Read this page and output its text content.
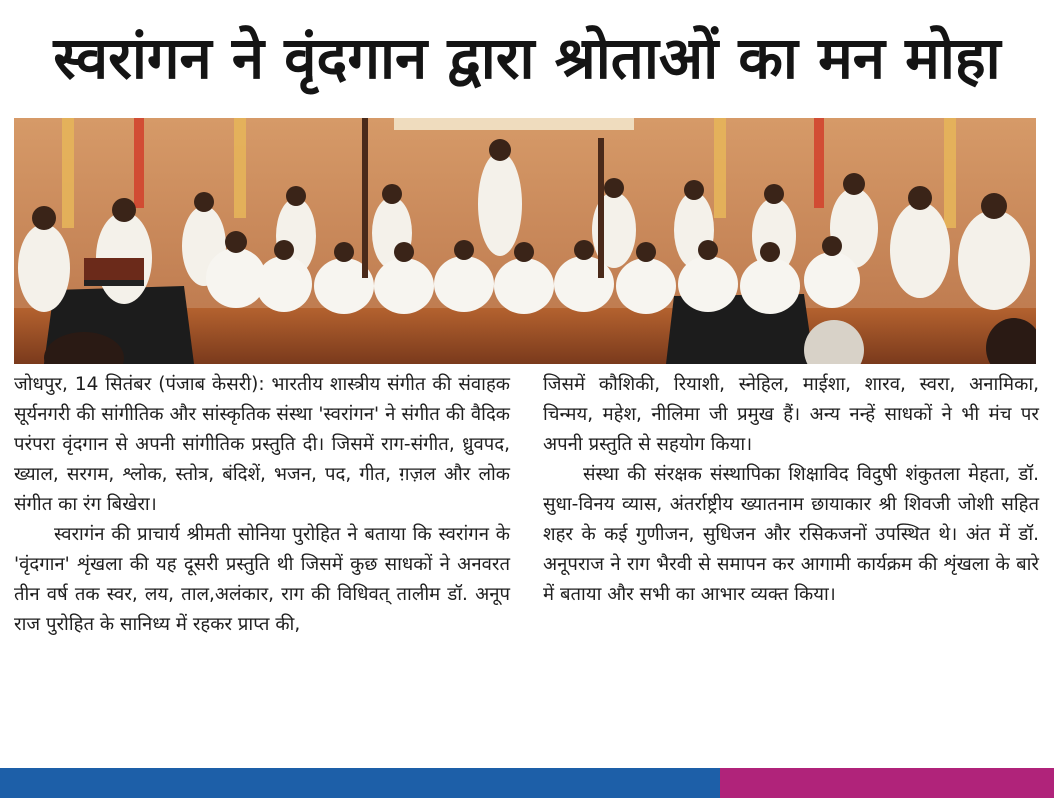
स्वरांगन ने वृंदगान द्वारा श्रोताओं का मन मोहा

जोधपुर, 14 सितंबर (पंजाब केसरी): भारतीय शास्त्रीय संगीत की संवाहक सूर्यनगरी की सांगीतिक और सांस्कृतिक संस्था 'स्वरांगन' ने संगीत की वैदिक परंपरा वृंदगान से अपनी सांगीतिक प्रस्तुति दी। जिसमें राग-संगीत, ध्रुवपद, ख्याल, सरगम, श्लोक, स्तोत्र, बंदिशें, भजन, पद, गीत, ग़ज़ल और लोक संगीत का रंग बिखेरा।

स्वरागंन की प्राचार्य श्रीमती सोनिया पुरोहित ने बताया कि स्वरांगन के 'वृंदगान' शृंखला की यह दूसरी प्रस्तुति थी जिसमें कुछ साधकों ने अनवरत तीन वर्ष तक स्वर, लय, ताल,अलंकार, राग की विधिवत् तालीम डॉ. अनूप राज पुरोहित के सानिध्य में रहकर प्राप्त की,

जिसमें कौशिकी, रियाशी, स्नेहिल, माईशा, शारव, स्वरा, अनामिका, चिन्मय, महेश, नीलिमा जी प्रमुख हैं। अन्य नन्हें साधकों ने भी मंच पर अपनी प्रस्तुति से सहयोग किया।

संस्था की संरक्षक संस्थापिका शिक्षाविद विदुषी शंकुतला मेहता, डॉ. सुधा-विनय व्यास, अंतर्राष्ट्रीय ख्यातनाम छायाकार श्री शिवजी जोशी सहित शहर के कई गुणीजन, सुधिजन और रसिकजनों उपस्थित थे। अंत में डॉ. अनूपराज ने राग भैरवी से समापन कर आगामी कार्यक्रम की शृंखला के बारे में बताया और सभी का आभार व्यक्त किया।
